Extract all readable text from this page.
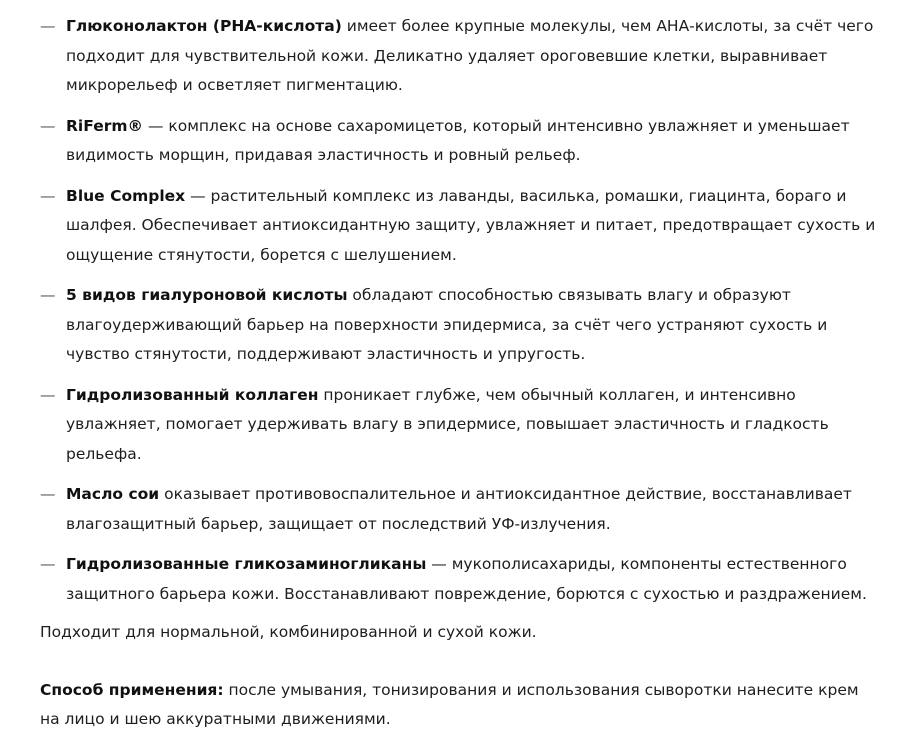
— Глюконолактон (PHA-кислота) имеет более крупные молекулы, чем АНА-кислоты, за счёт чего подходит для чувствительной кожи. Деликатно удаляет ороговевшие клетки, выравнивает микрорельеф и осветляет пигментацию.
— RiFerm® — комплекс на основе сахаромицетов, который интенсивно увлажняет и уменьшает видимость морщин, придавая эластичность и ровный рельеф.
— Blue Complex — растительный комплекс из лаванды, василька, ромашки, гиацинта, бораго и шалфея. Обеспечивает антиоксидантную защиту, увлажняет и питает, предотвращает сухость и ощущение стянутости, борется с шелушением.
— 5 видов гиалуроновой кислоты обладают способностью связывать влагу и образуют влагоудерживающий барьер на поверхности эпидермиса, за счёт чего устраняют сухость и чувство стянутости, поддерживают эластичность и упругость.
— Гидролизованный коллаген проникает глубже, чем обычный коллаген, и интенсивно увлажняет, помогает удерживать влагу в эпидермисе, повышает эластичность и гладкость рельефа.
— Масло сои оказывает противовоспалительное и антиоксидантное действие, восстанавливает влагозащитный барьер, защищает от последствий УФ-излучения.
— Гидролизованные гликозаминогликаны — мукополисахариды, компоненты естественного защитного барьера кожи. Восстанавливают повреждение, борются с сухостью и раздражением.

Подходит для нормальной, комбинированной и сухой кожи.

Способ применения: после умывания, тонизирования и использования сыворотки нанесите крем на лицо и шею аккуратными движениями.
